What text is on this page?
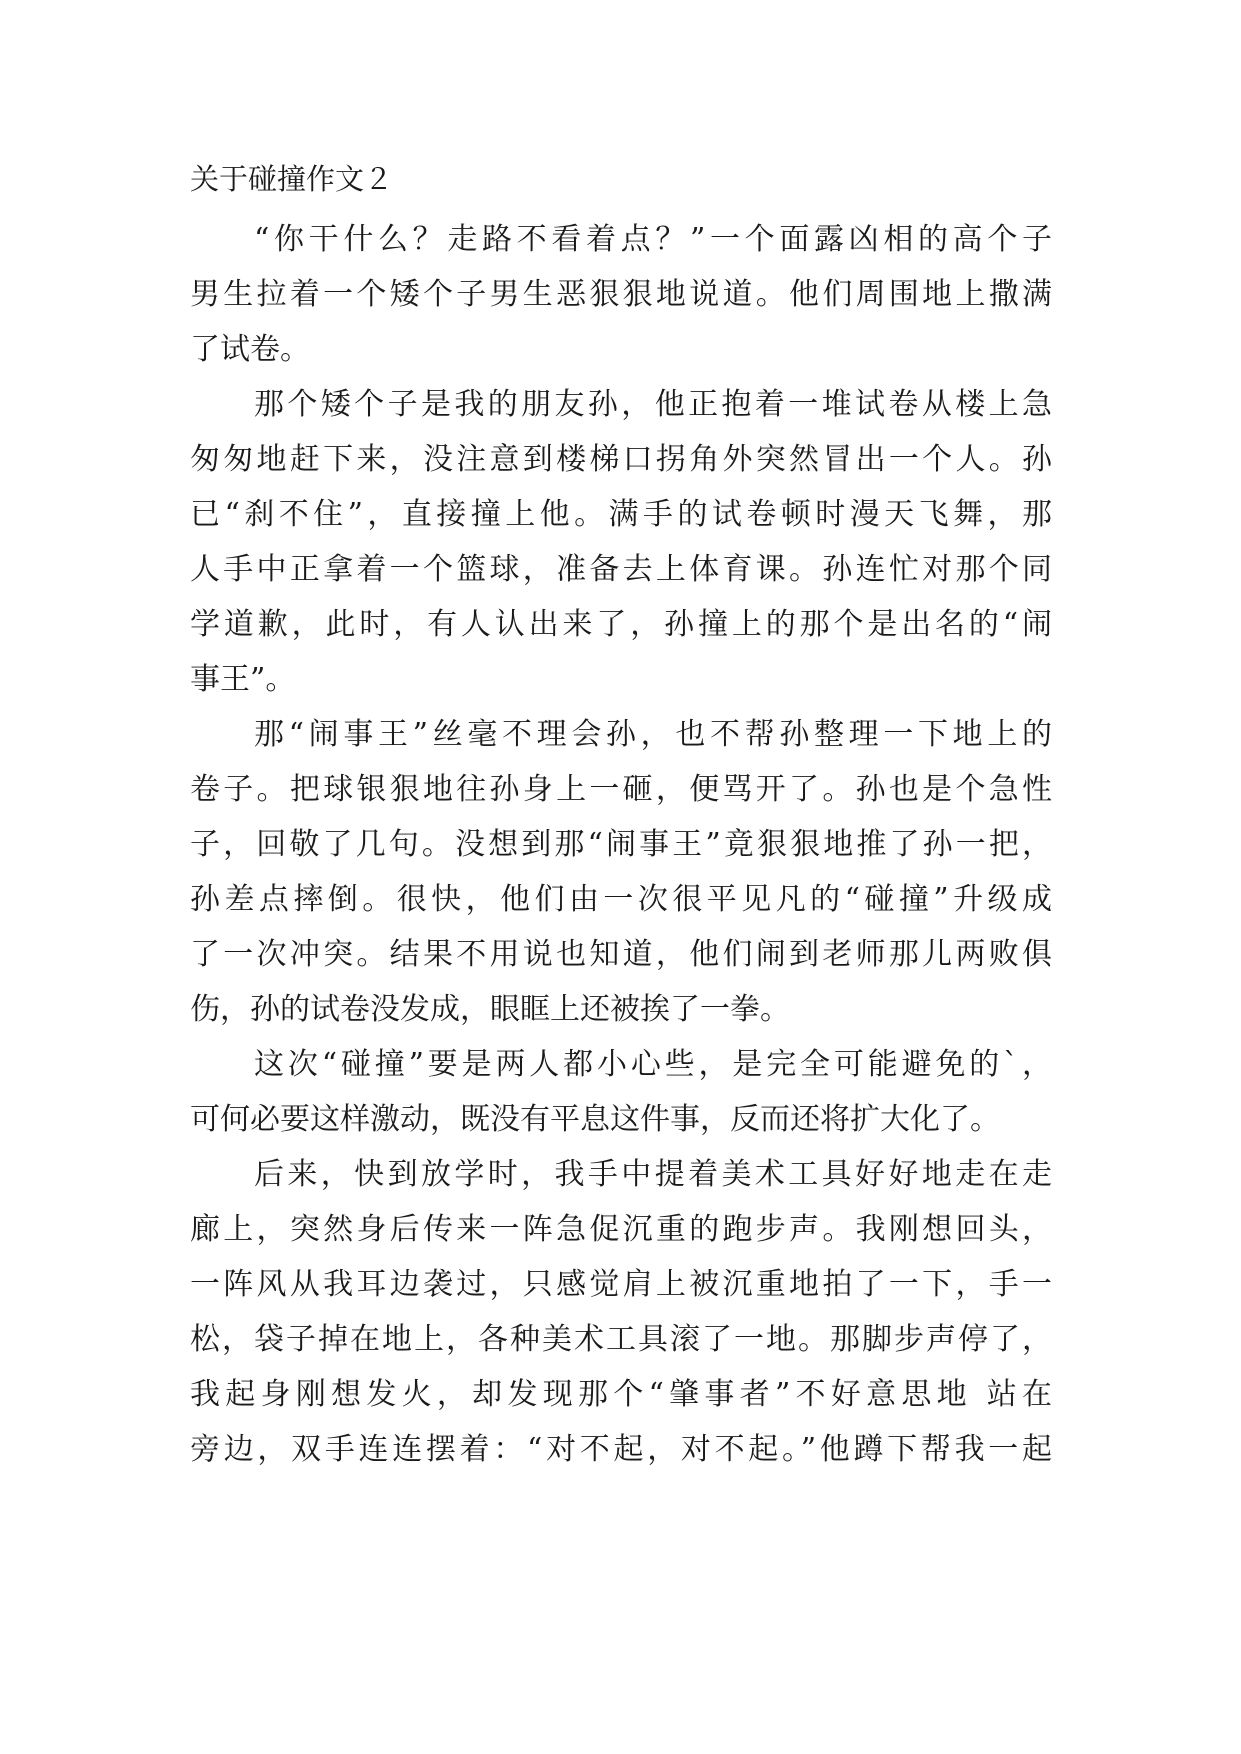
关于碰撞作文２
“你干什么？走路不看着点？”一个面露凶相的高个子
男生拉着一个矮个子男生恶狠狠地说道。他们周围地上撒满
了试卷。
那个矮个子是我的朋友孙，他正抱着一堆试卷从楼上急
匆匆地赶下来，没注意到楼梯口拐角外突然冒出一个人。孙
已“刹不住”，直接撞上他。满手的试卷顿时漫天飞舞，那
人手中正拿着一个篮球，准备去上体育课。孙连忙对那个同
学道歉，此时，有人认出来了，孙撞上的那个是出名的“闹
事王”。
那“闹事王”丝毫不理会孙，也不帮孙整理一下地上的
卷子。把球银狠地往孙身上一砸，便骂开了。孙也是个急性
子，回敬了几句。没想到那“闹事王”竟狠狠地推了孙一把，
孙差点摔倒。很快，他们由一次很平见凡的“碰撞”升级成
了一次冲突。结果不用说也知道，他们闹到老师那儿两败俱
伤，孙的试卷没发成，眼眶上还被挨了一拳。
这次“碰撞”要是两人都小心些，是完全可能避免的`，
可何必要这样激动，既没有平息这件事，反而还将扩大化了。
后来，快到放学时，我手中提着美术工具好好地走在走
廊上，突然身后传来一阵急促沉重的跑步声。我刚想回头，
一阵风从我耳边袭过，只感觉肩上被沉重地拍了一下，手一
松，袋子掉在地上，各种美术工具滚了一地。那脚步声停了，
我起身刚想发火，却发现那个“肇事者”不好意思地 站在
旁边，双手连连摆着：“对不起，对不起。”他蹲下帮我一起
